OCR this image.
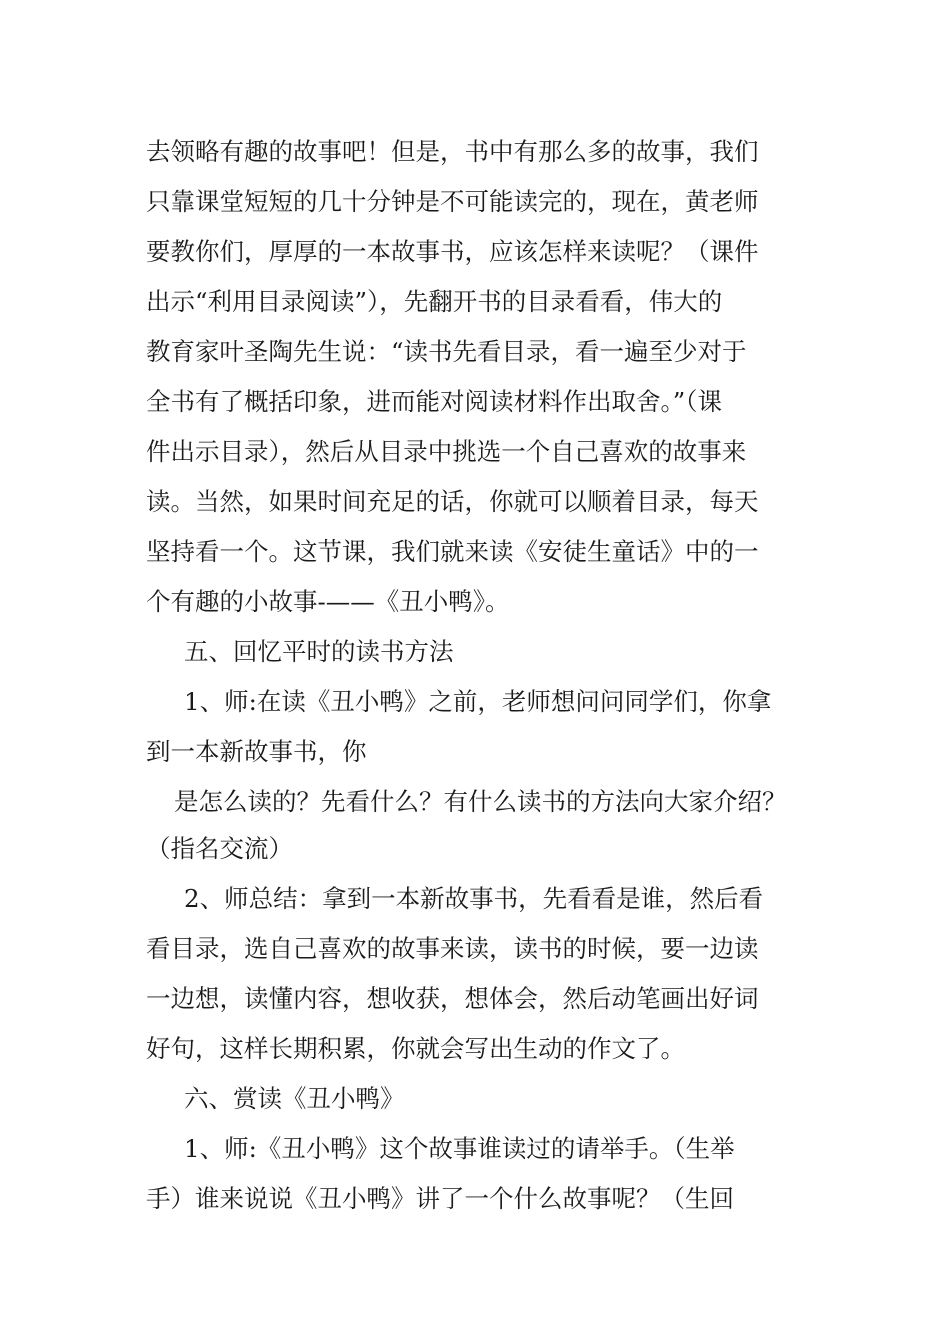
去领略有趣的故事吧！但是，书中有那么多的故事，我们
只靠课堂短短的几十分钟是不可能读完的，现在，黄老师
要教你们，厚厚的一本故事书，应该怎样来读呢？（课件
出示“利用目录阅读”），先翻开书的目录看看，伟大的
教育家叶圣陶先生说：“读书先看目录，看一遍至少对于
全书有了概括印象，进而能对阅读材料作出取舍。”（课
件出示目录），然后从目录中挑选一个自己喜欢的故事来
读。当然，如果时间充足的话，你就可以顺着目录，每天
坚持看一个。这节课，我们就来读《安徒生童话》中的一
个有趣的小故事-——《丑小鸭》。
五、回忆平时的读书方法
1、师:在读《丑小鸭》之前，老师想问问同学们，你拿
到一本新故事书，你
是怎么读的？先看什么？有什么读书的方法向大家介绍？
（指名交流）
2、师总结：拿到一本新故事书，先看看是谁，然后看
看目录，选自己喜欢的故事来读，读书的时候，要一边读
一边想，读懂内容，想收获，想体会，然后动笔画出好词
好句，这样长期积累，你就会写出生动的作文了。
六、赏读《丑小鸭》
1、师:《丑小鸭》这个故事谁读过的请举手。（生举
手）谁来说说《丑小鸭》讲了一个什么故事呢？（生回
